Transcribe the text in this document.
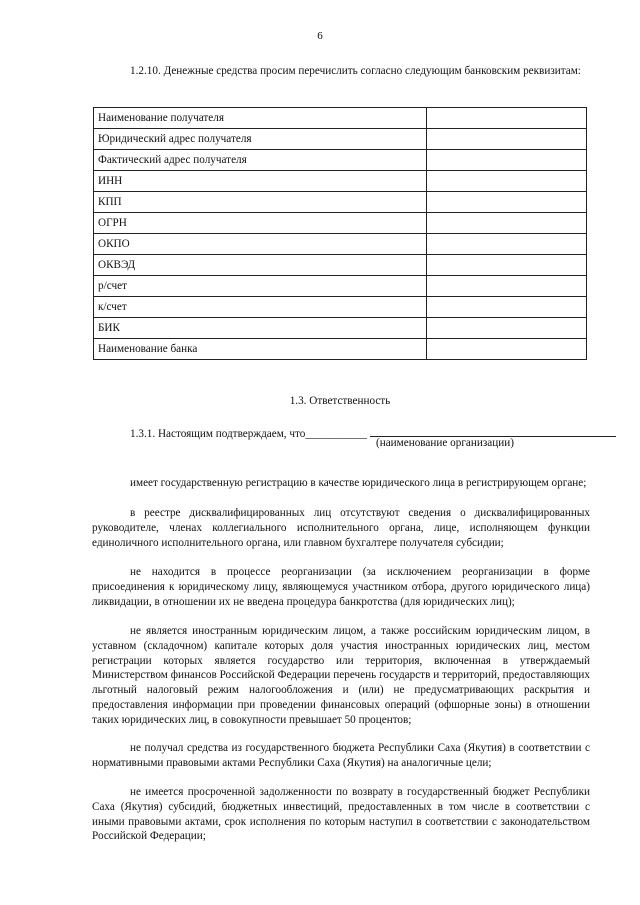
6

1.2.10. Денежные средства просим перечислить согласно следующим банковским реквизитам:

Наименование получателя	
Юридический адрес получателя	
Фактический адрес получателя	
ИНН	
КПП	
ОГРН	
ОКПО	
ОКВЭД	
р/счет	
к/счет	
БИК	
Наименование банка	
1.3. Ответственность
1.3.1. Настоящим подтверждаем, что___________
(наименование организации)

имеет государственную регистрацию в качестве юридического лица в регистрирующем органе;

в реестре дисквалифицированных лиц отсутствуют сведения о дисквалифицированных руководителе, членах коллегиального исполнительного органа, лице, исполняющем функции единоличного исполнительного органа, или главном бухгалтере получателя субсидии;

не находится в процессе реорганизации (за исключением реорганизации в форме присоединения к юридическому лицу, являющемуся участником отбора, другого юридического лица) ликвидации, в отношении их не введена процедура банкротства (для юридических лиц);

не является иностранным юридическим лицом, а также российским юридическим лицом, в уставном (складочном) капитале которых доля участия иностранных юридических лиц, местом регистрации которых является государство или территория, включенная в утверждаемый Министерством финансов Российской Федерации перечень государств и территорий, предоставляющих льготный налоговый режим налогообложения и (или) не предусматривающих раскрытия и предоставления информации при проведении финансовых операций (офшорные зоны) в отношении таких юридических лиц, в совокупности превышает 50 процентов;

не получал средства из государственного бюджета Республики Саха (Якутия) в соответствии с нормативными правовыми актами Республики Саха (Якутия) на аналогичные цели;

не имеется просроченной задолженности по возврату в государственный бюджет Республики Саха (Якутия) субсидий, бюджетных инвестиций, предоставленных в том числе в соответствии с иными правовыми актами, срок исполнения по которым наступил в соответствии с законодательством Российской Федерации;
